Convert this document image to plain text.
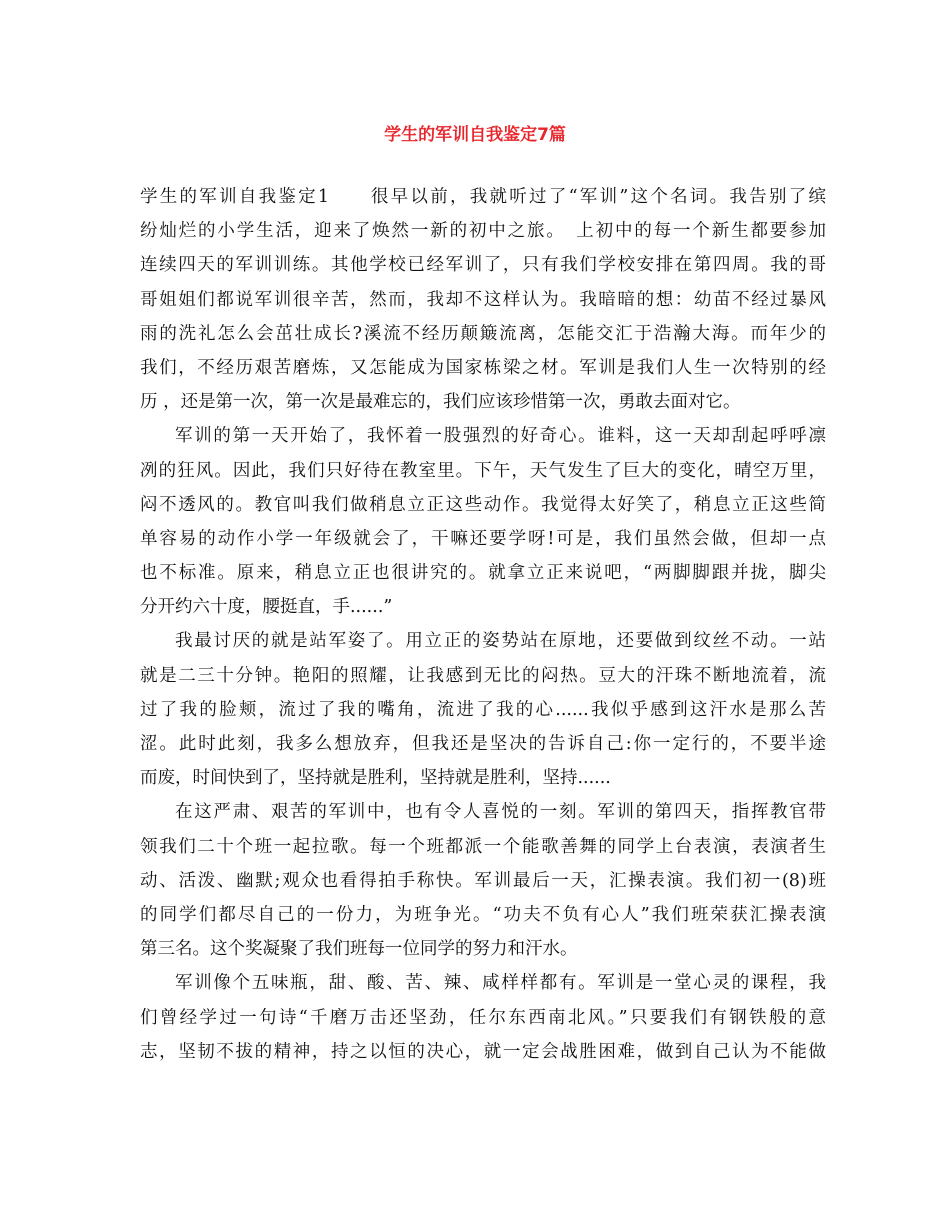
学生的军训自我鉴定7篇
学生的军训自我鉴定1　　很早以前，我就听过了“军训”这个名词。我告别了缤
纷灿烂的小学生活，迎来了焕然一新的初中之旅。　上初中的每一个新生都要参加
连续四天的军训训练。其他学校已经军训了，只有我们学校安排在第四周。我的哥
哥姐姐们都说军训很辛苦，然而，我却不这样认为。我暗暗的想：幼苗不经过暴风
雨的洗礼怎么会茁壮成长?溪流不经历颠簸流离，怎能交汇于浩瀚大海。而年少的
我们，不经历艰苦磨炼，又怎能成为国家栋梁之材。军训是我们人生一次特别的经
历 ，还是第一次，第一次是最难忘的，我们应该珍惜第一次，勇敢去面对它。
军训的第一天开始了，我怀着一股强烈的好奇心。谁料，这一天却刮起呼呼凛
冽的狂风。因此，我们只好待在教室里。下午，天气发生了巨大的变化，晴空万里，
闷不透风的。教官叫我们做稍息立正这些动作。我觉得太好笑了，稍息立正这些简
单容易的动作小学一年级就会了，干嘛还要学呀!可是，我们虽然会做，但却一点
也不标准。原来，稍息立正也很讲究的。就拿立正来说吧，“两脚脚跟并拢，脚尖
分开约六十度，腰挺直，手......”
我最讨厌的就是站军姿了。用立正的姿势站在原地，还要做到纹丝不动。一站
就是二三十分钟。艳阳的照耀，让我感到无比的闷热。豆大的汗珠不断地流着，流
过了我的脸颊，流过了我的嘴角，流进了我的心......我似乎感到这汗水是那么苦
涩。此时此刻，我多么想放弃，但我还是坚决的告诉自己:你一定行的，不要半途
而废，时间快到了，坚持就是胜利，坚持就是胜利，坚持......
在这严肃、艰苦的军训中，也有令人喜悦的一刻。军训的第四天，指挥教官带
领我们二十个班一起拉歌。每一个班都派一个能歌善舞的同学上台表演，表演者生
动、活泼、幽默;观众也看得拍手称快。军训最后一天，汇操表演。我们初一(8)班
的同学们都尽自己的一份力，为班争光。“功夫不负有心人”我们班荣获汇操表演
第三名。这个奖凝聚了我们班每一位同学的努力和汗水。
军训像个五味瓶，甜、酸、苦、辣、咸样样都有。军训是一堂心灵的课程，我
们曾经学过一句诗“千磨万击还坚劲，任尔东西南北风。”只要我们有钢铁般的意
志，坚韧不拔的精神，持之以恒的决心，就一定会战胜困难，做到自己认为不能做
